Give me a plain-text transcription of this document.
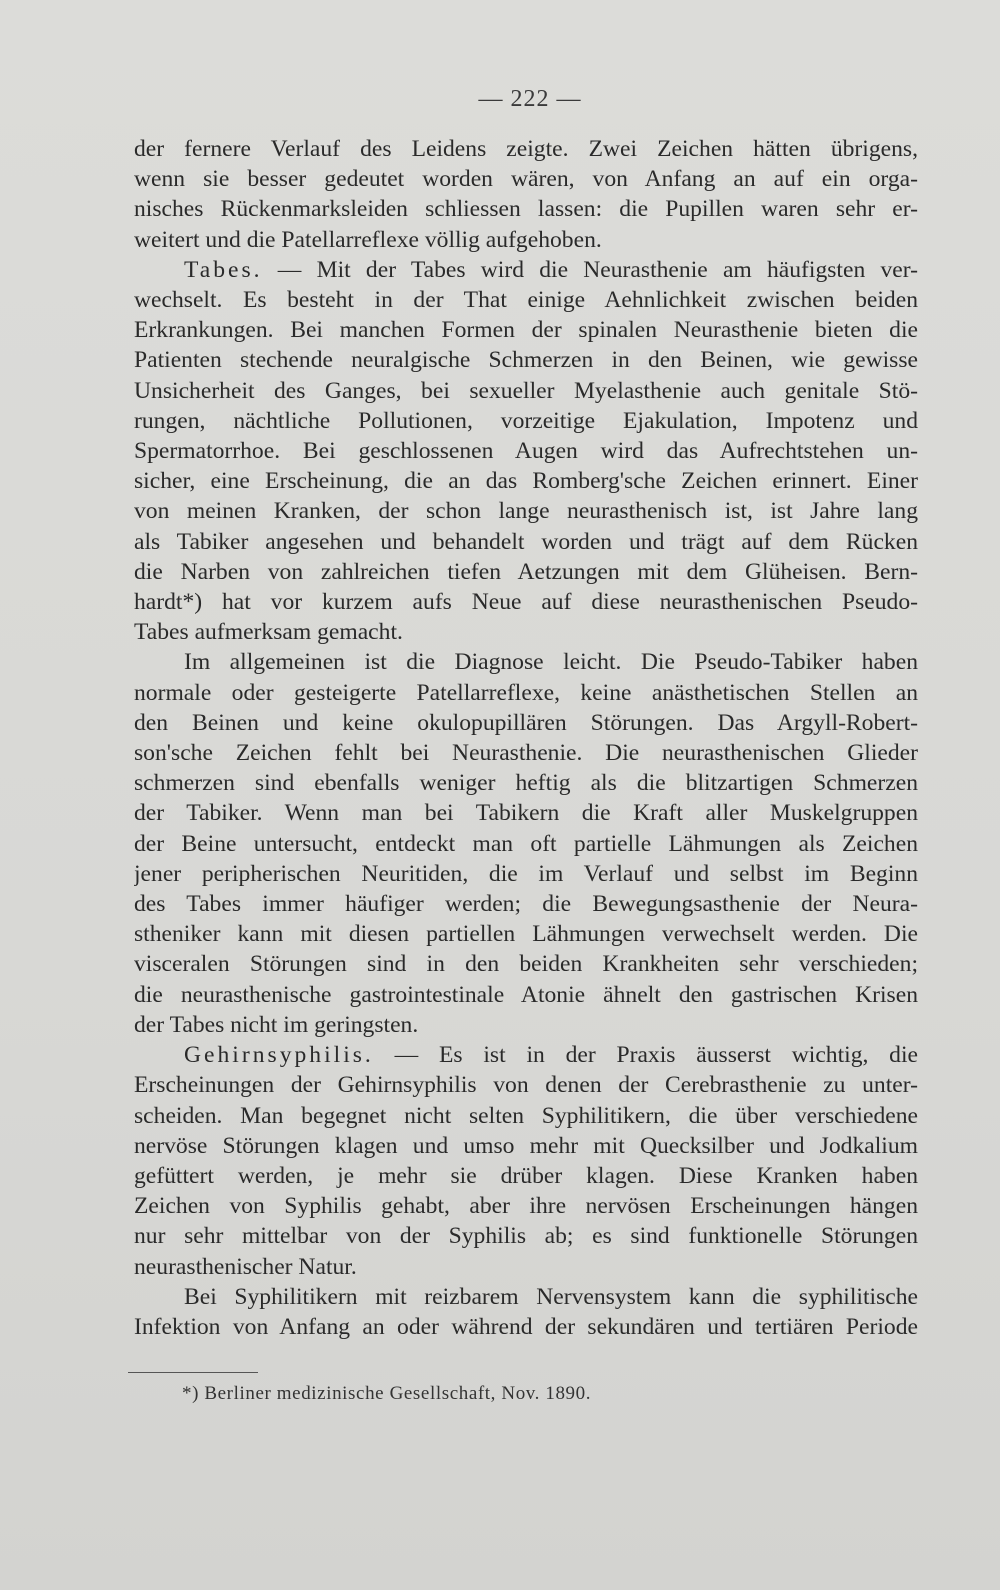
— 222 —
der fernere Verlauf des Leidens zeigte. Zwei Zeichen hätten übrigens,
wenn sie besser gedeutet worden wären, von Anfang an auf ein orga-
nisches Rückenmarksleiden schliessen lassen: die Pupillen waren sehr er-
weitert und die Patellarreflexe völlig aufgehoben.
Tabes. — Mit der Tabes wird die Neurasthenie am häufigsten ver-
wechselt. Es besteht in der That einige Aehnlichkeit zwischen beiden
Erkrankungen. Bei manchen Formen der spinalen Neurasthenie bieten die
Patienten stechende neuralgische Schmerzen in den Beinen, wie gewisse
Unsicherheit des Ganges, bei sexueller Myelasthenie auch genitale Stö-
rungen, nächtliche Pollutionen, vorzeitige Ejakulation, Impotenz und
Spermatorrhoe. Bei geschlossenen Augen wird das Aufrechtstehen un-
sicher, eine Erscheinung, die an das Romberg'sche Zeichen erinnert. Einer
von meinen Kranken, der schon lange neurasthenisch ist, ist Jahre lang
als Tabiker angesehen und behandelt worden und trägt auf dem Rücken
die Narben von zahlreichen tiefen Aetzungen mit dem Glüheisen. Bern-
hardt*) hat vor kurzem aufs Neue auf diese neurasthenischen Pseudo-
Tabes aufmerksam gemacht.
Im allgemeinen ist die Diagnose leicht. Die Pseudo-Tabiker haben
normale oder gesteigerte Patellarreflexe, keine anästhetischen Stellen an
den Beinen und keine okulopupillären Störungen. Das Argyll-Robert-
son'sche Zeichen fehlt bei Neurasthenie. Die neurasthenischen Glieder
schmerzen sind ebenfalls weniger heftig als die blitzartigen Schmerzen
der Tabiker. Wenn man bei Tabikern die Kraft aller Muskelgruppen
der Beine untersucht, entdeckt man oft partielle Lähmungen als Zeichen
jener peripherischen Neuritiden, die im Verlauf und selbst im Beginn
des Tabes immer häufiger werden; die Bewegungsasthenie der Neura-
stheniker kann mit diesen partiellen Lähmungen verwechselt werden. Die
visceralen Störungen sind in den beiden Krankheiten sehr verschieden;
die neurasthenische gastrointestinale Atonie ähnelt den gastrischen Krisen
der Tabes nicht im geringsten.
Gehirnsyphilis. — Es ist in der Praxis äusserst wichtig, die
Erscheinungen der Gehirnsyphilis von denen der Cerebrasthenie zu unter-
scheiden. Man begegnet nicht selten Syphilitikern, die über verschiedene
nervöse Störungen klagen und umso mehr mit Quecksilber und Jodkalium
gefüttert werden, je mehr sie drüber klagen. Diese Kranken haben
Zeichen von Syphilis gehabt, aber ihre nervösen Erscheinungen hängen
nur sehr mittelbar von der Syphilis ab; es sind funktionelle Störungen
neurasthenischer Natur.
Bei Syphilitikern mit reizbarem Nervensystem kann die syphilitische
Infektion von Anfang an oder während der sekundären und tertiären Periode
*) Berliner medizinische Gesellschaft, Nov. 1890.
